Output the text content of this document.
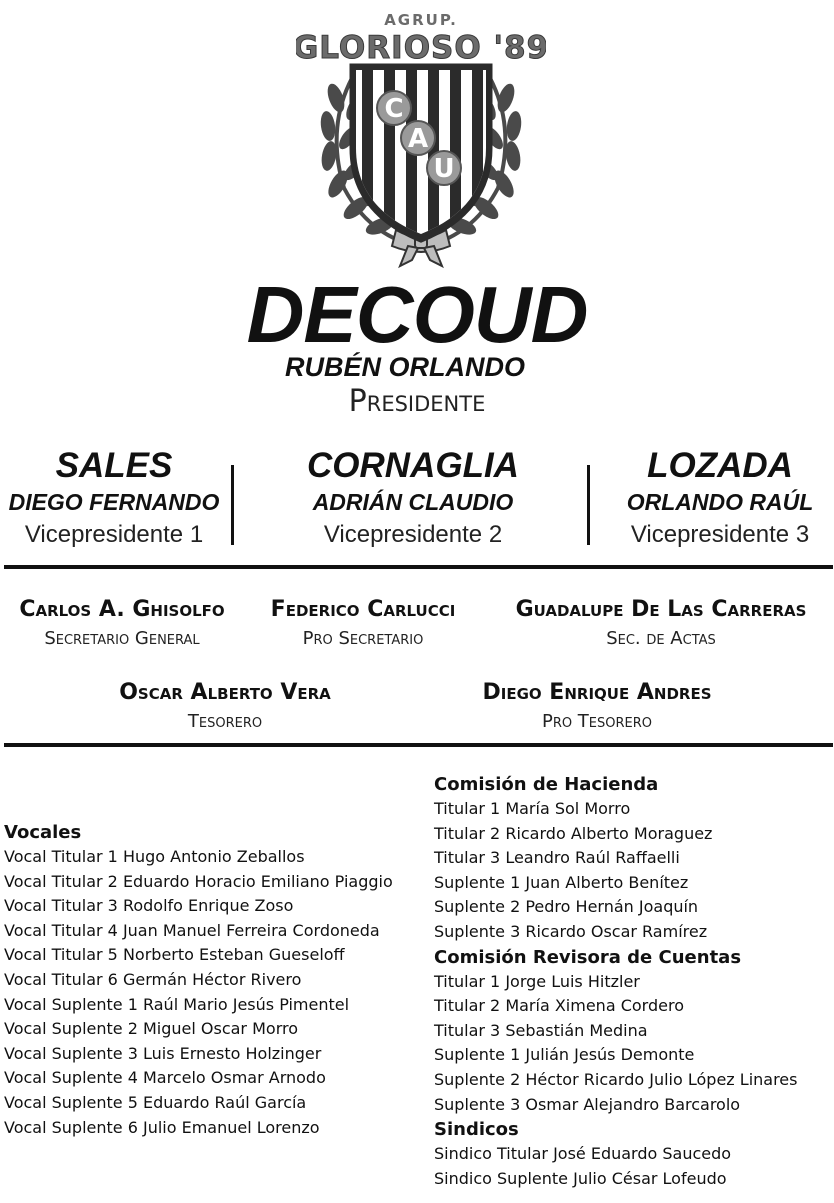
C
A
U
AGRUP.
GLORIOSO '89
DECOUD
RUBÉN ORLANDO
Presidente
SALES
DIEGO FERNANDO
Vicepresidente 1
CORNAGLIA
ADRIÁN CLAUDIO
Vicepresidente 2
LOZADA
ORLANDO RAÚL
Vicepresidente 3
Carlos A. Ghisolfo
Secretario General
Federico Carlucci
Pro Secretario
Guadalupe De Las Carreras
Sec. de Actas
Oscar Alberto Vera
Tesorero
Diego Enrique Andres
Pro Tesorero
Vocales
Vocal Titular 1 Hugo Antonio Zeballos
Vocal Titular 2 Eduardo Horacio Emiliano Piaggio
Vocal Titular 3 Rodolfo Enrique Zoso
Vocal Titular 4 Juan Manuel Ferreira Cordoneda
Vocal Titular 5 Norberto Esteban Gueseloff
Vocal Titular 6 Germán Héctor Rivero
Vocal Suplente 1 Raúl Mario Jesús Pimentel
Vocal Suplente 2 Miguel Oscar Morro
Vocal Suplente 3 Luis Ernesto Holzinger
Vocal Suplente 4 Marcelo Osmar Arnodo
Vocal Suplente 5 Eduardo Raúl García
Vocal Suplente 6 Julio Emanuel Lorenzo
Comisión de Hacienda
Titular 1 María Sol Morro
Titular 2 Ricardo Alberto Moraguez
Titular 3 Leandro Raúl Raffaelli
Suplente 1 Juan Alberto Benítez
Suplente 2 Pedro Hernán Joaquín
Suplente 3 Ricardo Oscar Ramírez
Comisión Revisora de Cuentas
Titular 1 Jorge Luis Hitzler
Titular 2 María Ximena Cordero
Titular 3 Sebastián Medina
Suplente 1 Julián Jesús Demonte
Suplente 2 Héctor Ricardo Julio López Linares
Suplente 3 Osmar Alejandro Barcarolo
Sindicos
Sindico Titular José Eduardo Saucedo
Sindico Suplente Julio César Lofeudo
